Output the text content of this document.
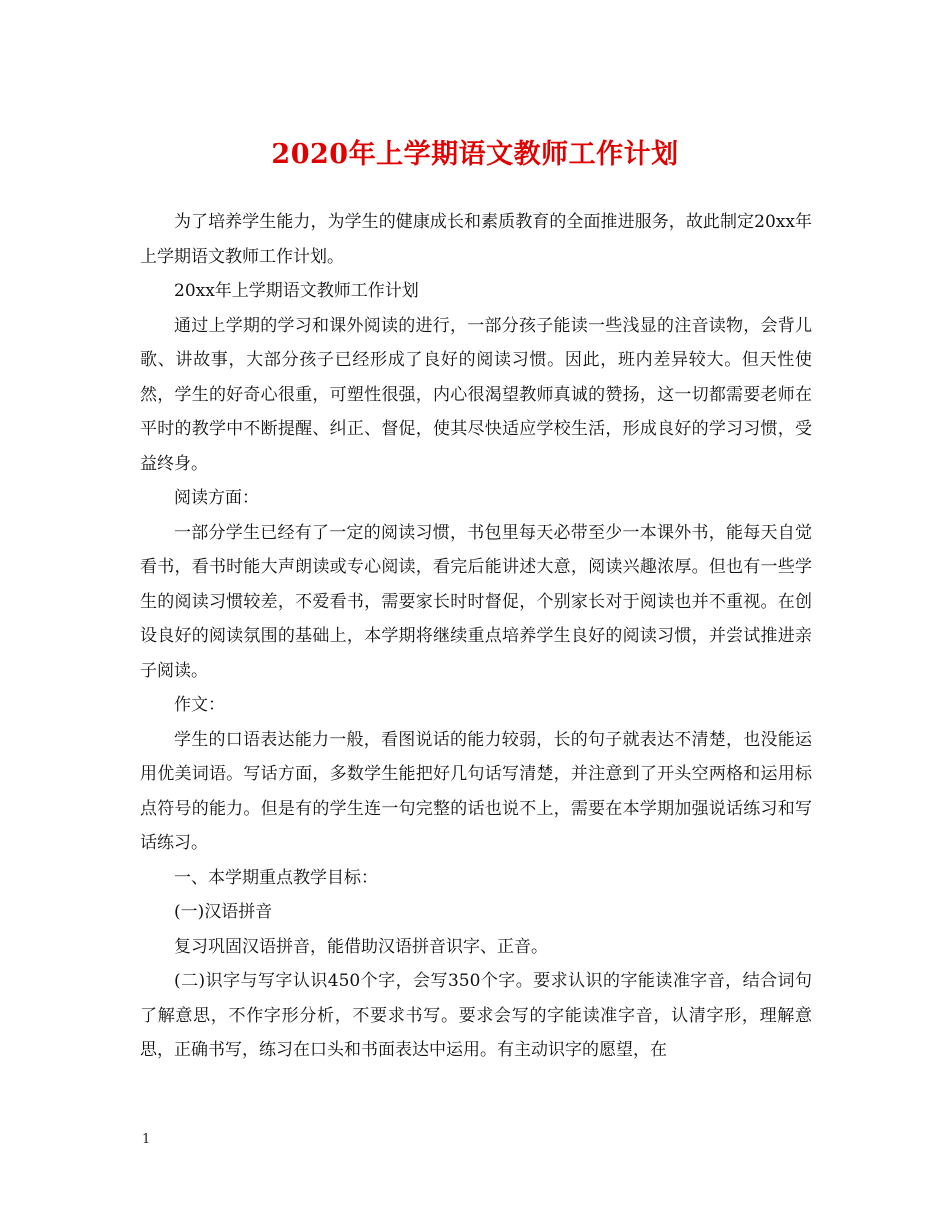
2020年上学期语文教师工作计划

为了培养学生能力，为学生的健康成长和素质教育的全面推进服务，故此制定20xx年上学期语文教师工作计划。

20xx年上学期语文教师工作计划

通过上学期的学习和课外阅读的进行，一部分孩子能读一些浅显的注音读物，会背儿歌、讲故事，大部分孩子已经形成了良好的阅读习惯。因此，班内差异较大。但天性使然，学生的好奇心很重，可塑性很强，内心很渴望教师真诚的赞扬，这一切都需要老师在平时的教学中不断提醒、纠正、督促，使其尽快适应学校生活，形成良好的学习习惯，受益终身。

阅读方面：

一部分学生已经有了一定的阅读习惯，书包里每天必带至少一本课外书，能每天自觉看书，看书时能大声朗读或专心阅读，看完后能讲述大意，阅读兴趣浓厚。但也有一些学生的阅读习惯较差，不爱看书，需要家长时时督促，个别家长对于阅读也并不重视。在创设良好的阅读氛围的基础上，本学期将继续重点培养学生良好的阅读习惯，并尝试推进亲子阅读。

作文：

学生的口语表达能力一般，看图说话的能力较弱，长的句子就表达不清楚，也没能运用优美词语。写话方面，多数学生能把好几句话写清楚，并注意到了开头空两格和运用标点符号的能力。但是有的学生连一句完整的话也说不上，需要在本学期加强说话练习和写话练习。

一、本学期重点教学目标：

(一)汉语拼音

复习巩固汉语拼音，能借助汉语拼音识字、正音。

(二)识字与写字认识450个字，会写350个字。要求认识的字能读准字音，结合词句了解意思，不作字形分析，不要求书写。要求会写的字能读准字音，认清字形，理解意思，正确书写，练习在口头和书面表达中运用。有主动识字的愿望，在

1
